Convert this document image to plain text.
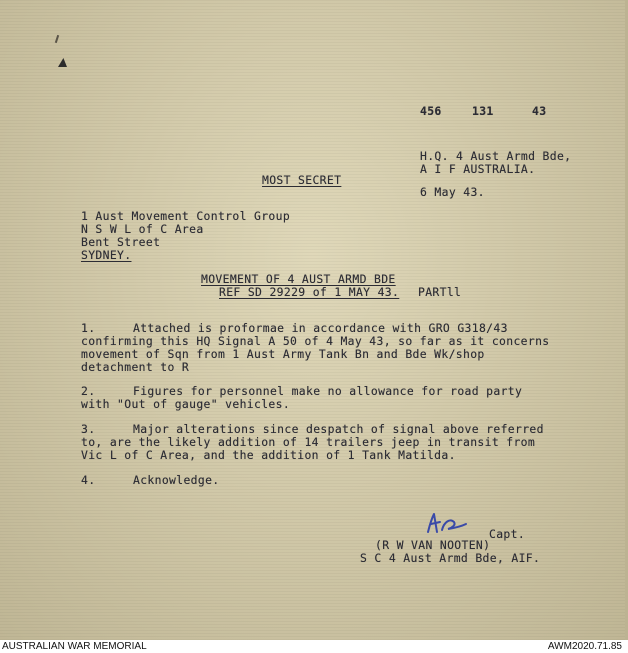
456	131	43
H.Q. 4 Aust Armd Bde,
A I F AUSTRALIA.
6 May 43.
MOST SECRET
1 Aust Movement Control Group
N S W L of C Area
Bent Street
SYDNEY.
MOVEMENT OF 4 AUST ARMD BDE
REF SD 29229 of 1 MAY 43. PARTll
1.	Attached is proformae in accordance with GRO G318/43
confirming this HQ Signal A 50 of 4 May 43, so far as it concerns
movement of Sqn from 1 Aust Army Tank Bn and Bde Wk/shop
detachment to R
2.	Figures for personnel make no allowance for road party
with "Out of gauge" vehicles.
3.	Major alterations since despatch of signal above referred
to, are the likely addition of 14 trailers jeep in transit from
Vic L of C Area, and the addition of 1 Tank Matilda.
4.	Acknowledge.
Capt.
(R W VAN NOOTEN)
S C 4 Aust Armd Bde, AIF.
AUSTRALIAN WAR MEMORIAL	AWM2020.71.85
